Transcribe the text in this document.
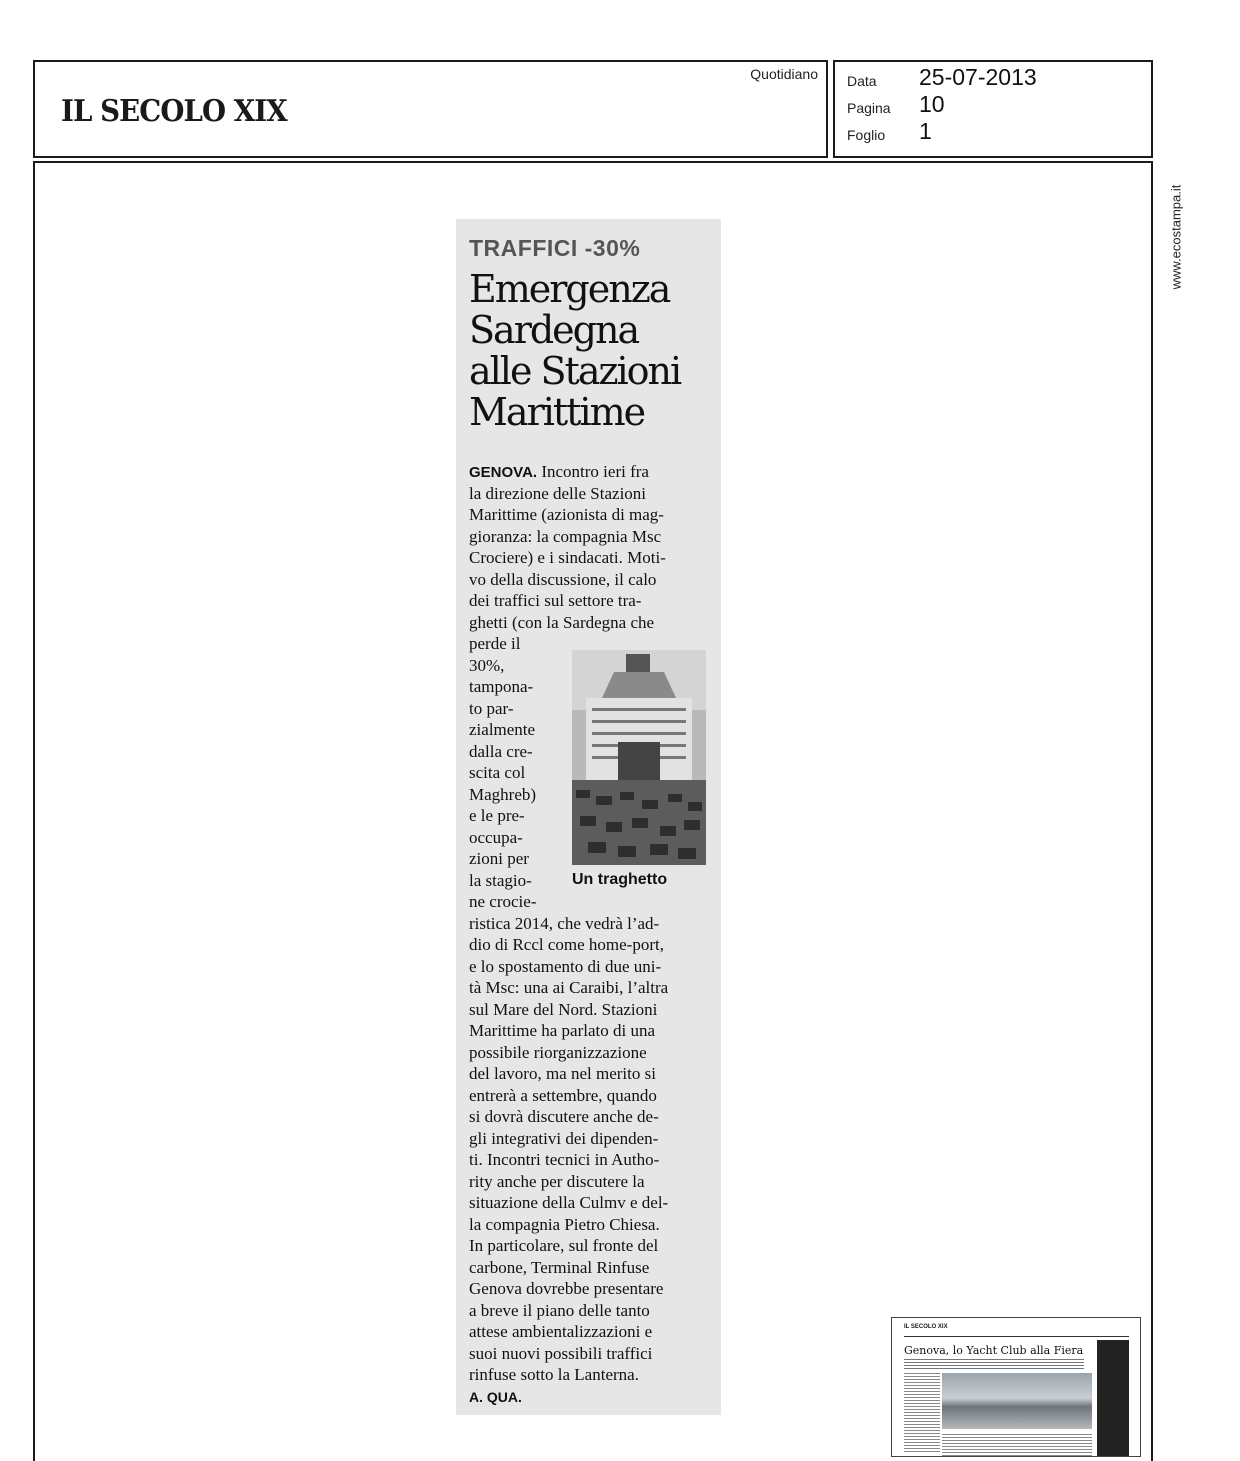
IL SECOLO XIX
Quotidiano Data 25-07-2013
Pagina 10
Foglio 1
www.ecostampa.it
TRAFFICI -30%
Emergenza
Sardegna
alle Stazioni
Marittime
GENOVA. Incontro ieri fra
la direzione delle Stazioni
Marittime (azionista di mag-
gioranza: la compagnia Msc
Crociere) e i sindacati. Moti-
vo della discussione, il calo
dei traffici sul settore tra-
ghetti (con la Sardegna che
perde il
30%,
tampona-
to par-
zialmente
dalla cre-
scita col
Maghreb)
e le pre-
occupa-
zioni per
la stagio-
ne crocie-
ristica 2014, che vedrà l’ad-
dio di Rccl come home-port,
e lo spostamento di due uni-
tà Msc: una ai Caraibi, l’altra
sul Mare del Nord. Stazioni
Marittime ha parlato di una
possibile riorganizzazione
del lavoro, ma nel merito si
entrerà a settembre, quando
si dovrà discutere anche de-
gli integrativi dei dipenden-
ti. Incontri tecnici in Autho-
rity anche per discutere la
situazione della Culmv e del-
la compagnia Pietro Chiesa.
In particolare, sul fronte del
carbone, Terminal Rinfuse
Genova dovrebbe presentare
a breve il piano delle tanto
attese ambientalizzazioni e
suoi nuovi possibili traffici
rinfuse sotto la Lanterna.
Un traghetto
A. QUA.
IL SECOLO XIX
Genova, lo Yacht Club alla Fiera
